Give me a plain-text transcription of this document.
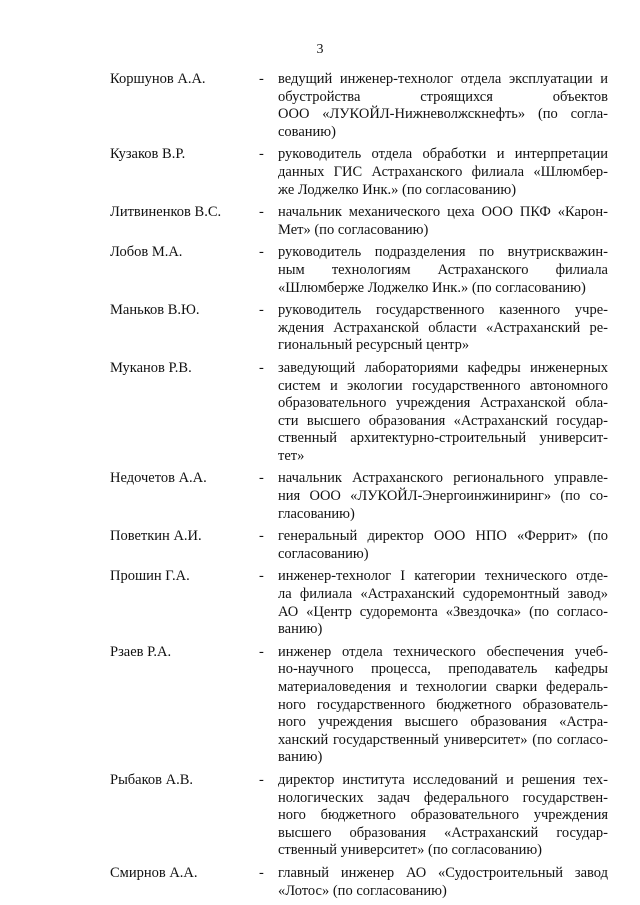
3
Коршунов А.А.	- ведущий инженер-технолог отдела эксплуатации и
обустройства строящихся объектов
ООО «ЛУКОЙЛ-Нижневолжскнефть» (по согла-
сованию)
Кузаков В.Р.	- руководитель отдела обработки и интерпретации
данных ГИС Астраханского филиала «Шлюмбер-
же Лоджелко Инк.» (по согласованию)
Литвиненков В.С.	- начальник механического цеха ООО ПКФ «Карон-
Мет» (по согласованию)
Лобов М.А.	- руководитель подразделения по внутрискважин-
ным технологиям Астраханского филиала
«Шлюмберже Лоджелко Инк.» (по согласованию)
Маньков В.Ю.	- руководитель государственного казенного учре-
ждения Астраханской области «Астраханский ре-
гиональный ресурсный центр»
Муканов Р.В.	- заведующий лабораториями кафедры инженерных
систем и экологии государственного автономного
образовательного учреждения Астраханской обла-
сти высшего образования «Астраханский государ-
ственный архитектурно-строительный университ-
тет»
Недочетов А.А.	- начальник Астраханского регионального управле-
ния ООО «ЛУКОЙЛ-Энергоинжиниринг» (по со-
гласованию)
Поветкин А.И.	- генеральный директор ООО НПО «Феррит» (по
согласованию)
Прошин Г.А.	- инженер-технолог I категории технического отде-
ла филиала «Астраханский судоремонтный завод»
АО «Центр судоремонта «Звездочка» (по согласо-
ванию)
Рзаев Р.А.	- инженер отдела технического обеспечения учеб-
но-научного процесса, преподаватель кафедры
материаловедения и технологии сварки федераль-
ного государственного бюджетного образователь-
ного учреждения высшего образования «Астра-
ханский государственный университет» (по согласо-
ванию)
Рыбаков А.В.	- директор института исследований и решения тех-
нологических задач федерального государствен-
ного бюджетного образовательного учреждения
высшего образования «Астраханский государ-
ственный университет» (по согласованию)
Смирнов А.А.	- главный инженер АО «Судостроительный завод
«Лотос» (по согласованию)
